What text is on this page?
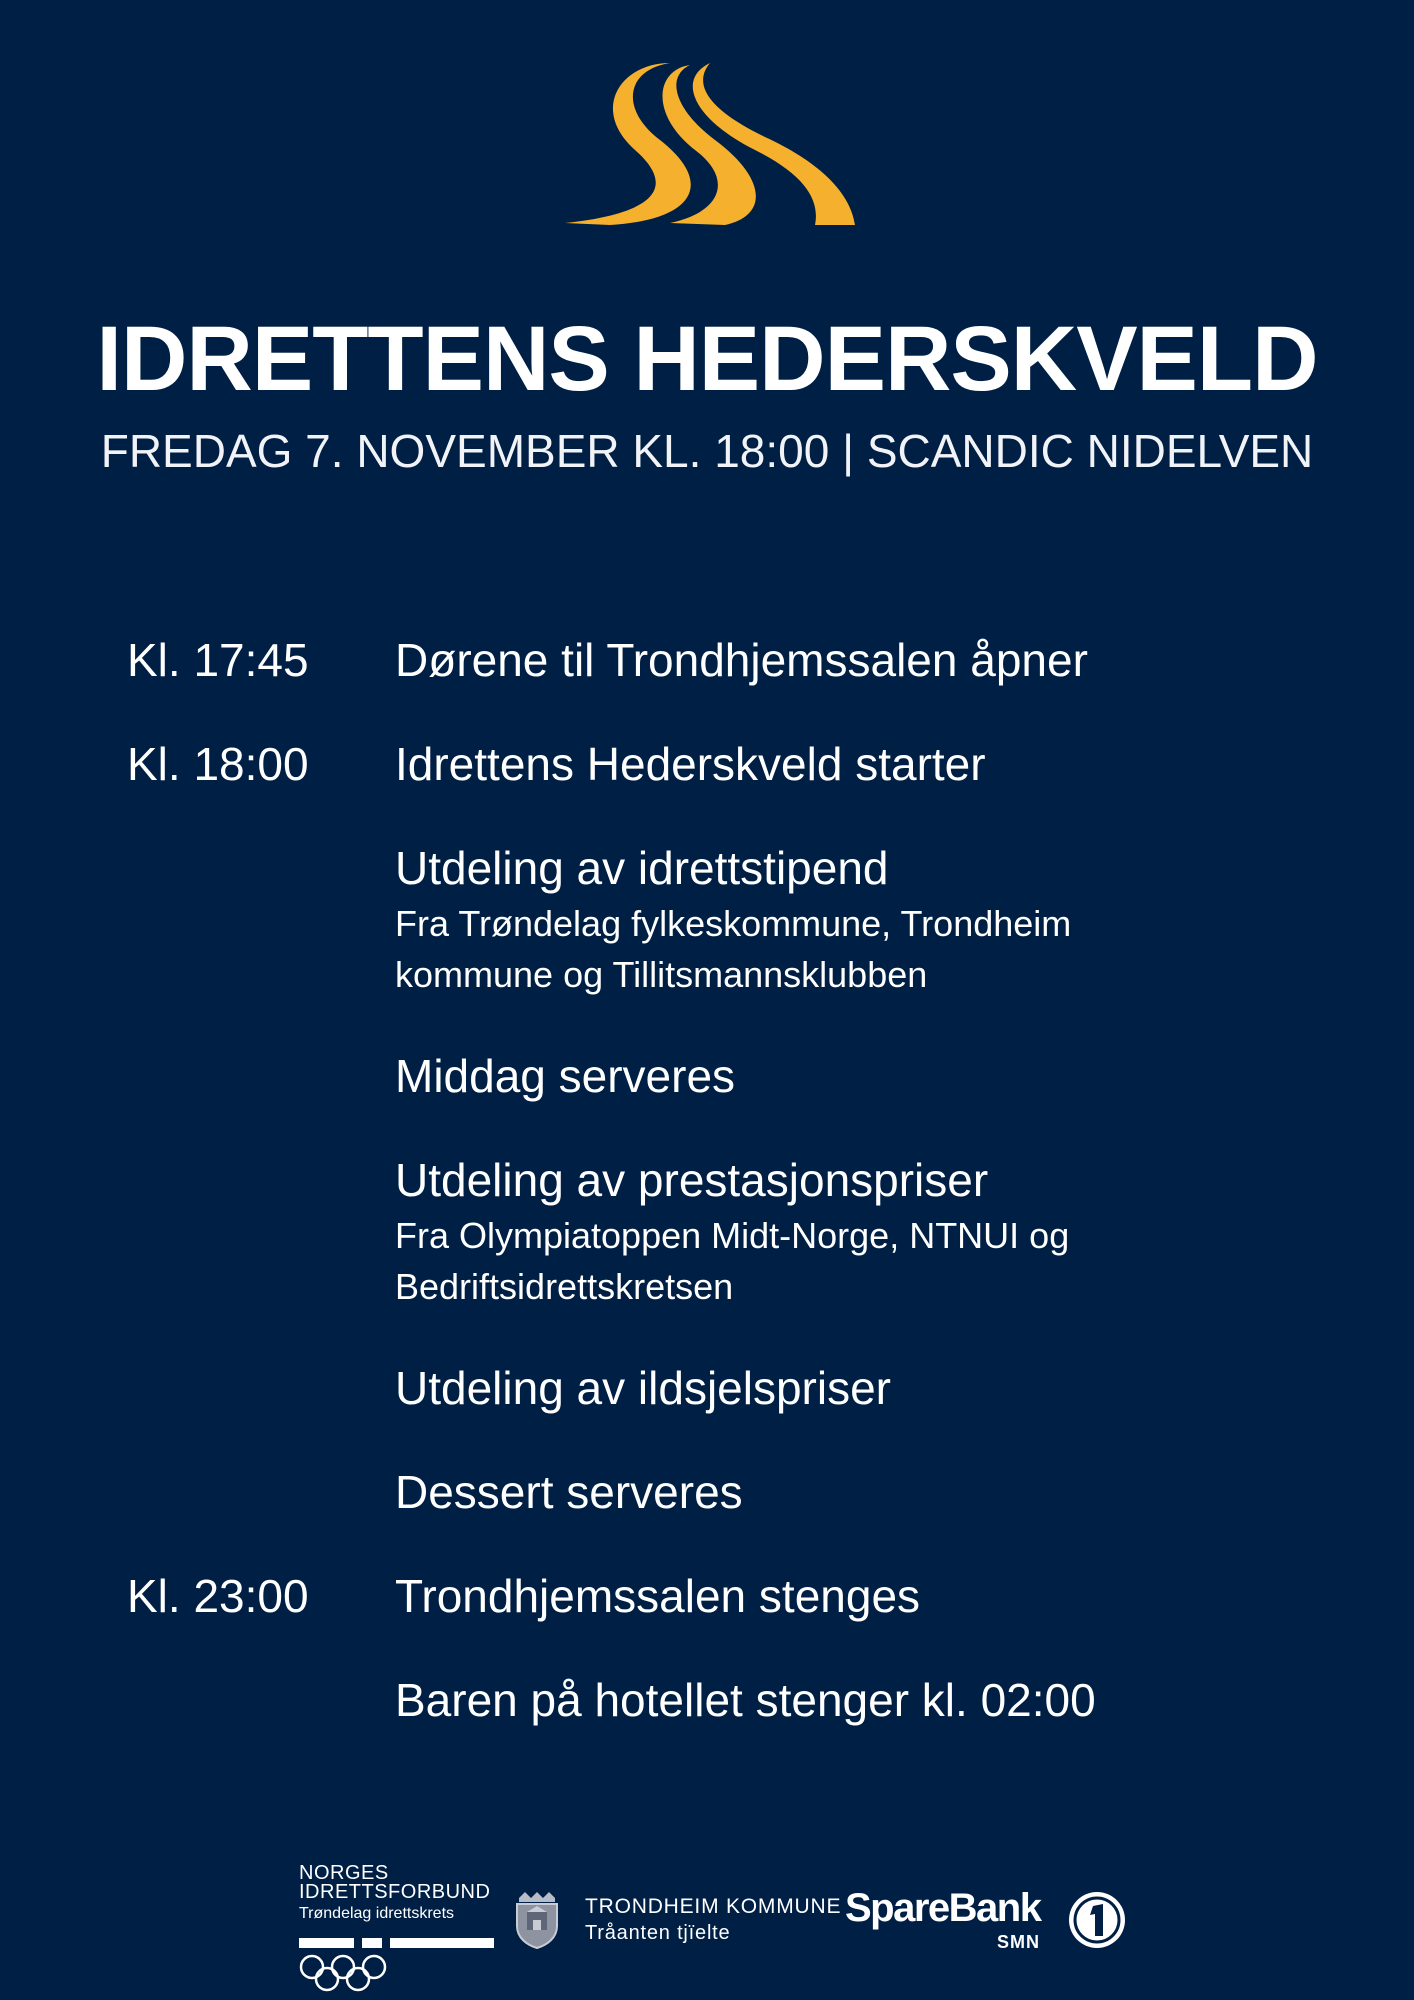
IDRETTENS HEDERSKVELD
FREDAG 7. NOVEMBER KL. 18:00 | SCANDIC NIDELVEN
Kl. 17:45	Dørene til Trondhjemssalen åpner
Kl. 18:00	Idrettens Hederskveld starter
Utdeling av idrettstipend
Fra Trøndelag fylkeskommune, Trondheim kommune og Tillitsmannsklubben
Middag serveres
Utdeling av prestasjonspriser
Fra Olympiatoppen Midt-Norge, NTNUI og Bedriftsidrettskretsen
Utdeling av ildsjelspriser
Dessert serveres
Kl. 23:00	Trondhjemssalen stenges
Baren på hotellet stenger kl. 02:00
NORGES
IDRETTSFORBUND
Trøndelag idrettskrets	TRONDHEIM KOMMUNE
Tråanten tjïelte
SpareBank
SMN
